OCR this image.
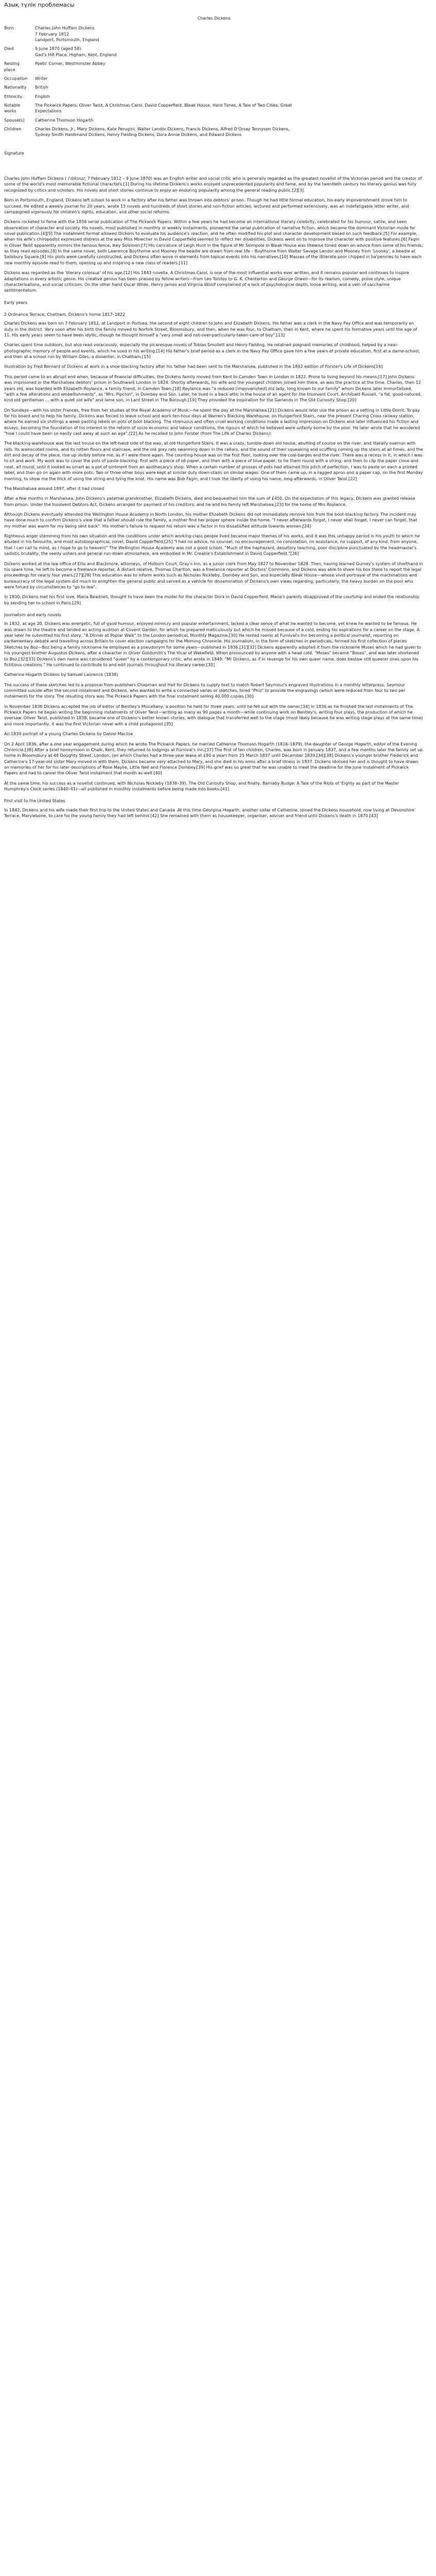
Азық түлік проблемасы
Charles Dickens
Born	Charles John Huffam Dickens
7 February 1812
Landport, Portsmouth, England

Died	9 June 1870 (aged 58)
Gad's Hill Place, Higham, Kent, England

Resting place	Poets' Corner, Westminster Abbey

Occupation	Writer

Nationality	British

Ethnicity	English

Notable works	The Pickwick Papers, Oliver Twist, A Christmas Carol, David Copperfield, Bleak House, Hard Times, A Tale of Two Cities, Great Expectations

Spouse(s)	Catherine Thomson Hogarth

Children	Charles Dickens, Jr., Mary Dickens, Kate Perugini, Walter Landor Dickens, Francis Dickens, Alfred D'Orsay Tennyson Dickens, Sydney Smith Haldimand Dickens, Henry Fielding Dickens, Dora Annie Dickens, and Edward Dickens
Signature

Charles John Huffam Dickens ( /ˈdɪkɪnz/; 7 February 1812 – 9 June 1870) was an English writer and social critic who is generally regarded as the greatest novelist of the Victorian period and the creator of some of the world's most memorable fictional characters.[1] During his lifetime Dickens's works enjoyed unprecedented popularity and fame, and by the twentieth century his literary genius was fully recognized by critics and scholars. His novels and short stories continue to enjoy an enduring popularity among the general reading public.[2][3]

Born in Portsmouth, England, Dickens left school to work in a factory after his father was thrown into debtors' prison. Though he had little formal education, his early impoverishment drove him to succeed. He edited a weekly journal for 20 years, wrote 15 novels and hundreds of short stories and non-fiction articles, lectured and performed extensively, was an indefatigable letter writer, and campaigned vigorously for children's rights, education, and other social reforms.

Dickens rocketed to fame with the 1836 serial publication of The Pickwick Papers. Within a few years he had become an international literary celebrity, celebrated for his humour, satire, and keen observation of character and society. His novels, most published in monthly or weekly instalments, pioneered the serial publication of narrative fiction, which became the dominant Victorian mode for novel publication.[4][5] The instalment format allowed Dickens to evaluate his audience's reaction, and he often modified his plot and character development based on such feedback.[5] For example, when his wife's chiropodist expressed distress at the way Miss Mowcher in David Copperfield seemed to reflect her disabilities, Dickens went on to improve the character with positive features.[6] Fagin in Oliver Twist apparently mirrors the famous fence, Ikey Solomon;[7] His caricature of Leigh Hunt in the figure of Mr Skimpole in Bleak House was likewise toned down on advice from some of his friends, as they read episodes.[8] In the same novel, both Lawrence Boythorne and Mooney the beadle are drawn from real life – Boythorne from Walter Savage Landor and Mooney from 'Looney', a beadle at Salisbury Square.[9] His plots were carefully constructed, and Dickens often wove in elements from topical events into his narratives.[10] Masses of the illiterate poor chipped in ha'pennies to have each new monthly episode read to them, opening up and inspiring a new class of readers.[11]

Dickens was regarded as the 'literary colossus' of his age.[12] His 1843 novella, A Christmas Carol, is one of the most influential works ever written, and it remains popular and continues to inspire adaptations in every artistic genre. His creative genius has been praised by fellow writers—from Leo Tolstoy to G. K. Chesterton and George Orwell—for its realism, comedy, prose style, unique characterisations, and social criticism. On the other hand Oscar Wilde, Henry James and Virginia Woolf complained of a lack of psychological depth, loose writing, and a vein of saccharine sentimentalism.

Early years
2 Ordnance Terrace, Chatham, Dickens's home 1817–1822

Charles Dickens was born on 7 February 1812, at Landport in Portsea, the second of eight children to John and Elizabeth Dickens. His father was a clerk in the Navy Pay Office and was temporarily on duty in the district. Very soon after his birth the family moved to Norfolk Street, Bloomsbury, and then, when he was four, to Chatham, then in Kent, where he spent his formative years until the age of 11. His early years seem to have been idyllic, though he thought himself a "very small and not-over-particularly-taken-care-of boy".[13]

Charles spent time outdoors, but also read voraciously, especially the picaresque novels of Tobias Smollett and Henry Fielding. He retained poignant memories of childhood, helped by a near-photographic memory of people and events, which he used in his writing.[14] His father's brief period as a clerk in the Navy Pay Office gave him a few years of private education, first at a dame-school, and then at a school run by William Giles, a dissenter, in Chatham.[15]

Illustration by Fred Bernard of Dickens at work in a shoe-blacking factory after his father had been sent to the Marshalsea, published in the 1892 edition of Forster's Life of Dickens[16]

This period came to an abrupt end when, because of financial difficulties, the Dickens family moved from Kent to Camden Town in London in 1822. Prone to living beyond his means,[17] John Dickens was imprisoned in the Marshalsea debtors' prison in Southwark London in 1824. Shortly afterwards, his wife and the youngest children joined him there, as was the practice at the time. Charles, then 12 years old, was boarded with Elizabeth Roylance, a family friend, in Camden Town.[18] Roylance was "a reduced [impoverished] old lady, long known to our family" whom Dickens later immortalised, "with a few alterations and embellishments", as "Mrs. Pipchin", in Dombey and Son. Later, he lived in a back-attic in the house of an agent for the Insolvent Court, Archibald Russell, "a fat, good-natured, kind old gentleman ... with a quiet old wife" and lame son, in Lant Street in The Borough.[19] They provided the inspiration for the Garlands in The Old Curiosity Shop.[20]

On Sundays—with his sister Frances, free from her studies at the Royal Academy of Music—he spent the day at the Marshalsea.[21] Dickens would later use the prison as a setting in Little Dorrit. To pay for his board and to help his family, Dickens was forced to leave school and work ten-hour days at Warren's Blacking Warehouse, on Hungerford Stairs, near the present Charing Cross railway station, where he earned six shillings a week pasting labels on pots of boot blacking. The strenuous and often cruel working conditions made a lasting impression on Dickens and later influenced his fiction and essays, becoming the foundation of his interest in the reform of socio-economic and labour conditions, the rigours of which he believed were unfairly borne by the poor. He later wrote that he wondered "how I could have been so easily cast away at such an age".[22] As he recalled to John Forster (from The Life of Charles Dickens):

The blacking-warehouse was the last house on the left-hand side of the way, at old Hungerford Stairs. It was a crazy, tumble-down old house, abutting of course on the river, and literally overrun with rats. Its wainscoted rooms, and its rotten floors and staircase, and the old grey rats swarming down in the cellars, and the sound of their squeaking and scuffling coming up the stairs at all times, and the dirt and decay of the place, rise up visibly before me, as if I were there again. The counting-house was on the first floor, looking over the coal-barges and the river. There was a recess in it, in which I was to sit and work. My work was to cover the pots of paste-blacking; first with a piece of oil-paper, and then with a piece of blue paper; to tie them round with a string; and then to clip the paper close and neat, all round, until it looked as smart as a pot of ointment from an apothecary's shop. When a certain number of grosses of pots had attained this pitch of perfection, I was to paste on each a printed label, and then go on again with more pots. Two or three other boys were kept at similar duty down-stairs on similar wages. One of them came up, in a ragged apron and a paper cap, on the first Monday morning, to show me the trick of using the string and tying the knot. His name was Bob Fagin; and I took the liberty of using his name, long afterwards, in Oliver Twist.[22]

The Marshalsea around 1897, after it had closed

After a few months in Marshalsea, John Dickens's paternal grandmother, Elizabeth Dickens, died and bequeathed him the sum of £450. On the expectation of this legacy, Dickens was granted release from prison. Under the Insolvent Debtors Act, Dickens arranged for payment of his creditors, and he and his family left Marshalsea,[23] for the home of Mrs Roylance.

Although Dickens eventually attended the Wellington House Academy in North London, his mother Elizabeth Dickens did not immediately remove him from the boot-blacking factory. The incident may have done much to confirm Dickens's view that a father should rule the family, a mother find her proper sphere inside the home. "I never afterwards forgot, I never shall forget, I never can forget, that my mother was warm for my being sent back". His mother's failure to request his return was a factor in his dissatisfied attitude towards women.[24]

Righteous anger stemming from his own situation and the conditions under which working-class people lived became major themes of his works, and it was this unhappy period in his youth to which he alluded in his favourite, and most autobiographical, novel, David Copperfield:[25] "I had no advice, no counsel, no encouragement, no consolation, no assistance, no support, of any kind, from anyone, that I can call to mind, as I hope to go to heaven!" The Wellington House Academy was not a good school. "Much of the haphazard, desultory teaching, poor discipline punctuated by the headmaster's sadistic brutality, the seedy ushers and general run-down atmosphere, are embodied in Mr. Creakle's Establishment in David Copperfield."[26]

Dickens worked at the law office of Ellis and Blackmore, attorneys, of Holborn Court, Gray's Inn, as a junior clerk from May 1827 to November 1828. Then, having learned Gurney's system of shorthand in his spare time, he left to become a freelance reporter. A distant relative, Thomas Charlton, was a freelance reporter at Doctors' Commons, and Dickens was able to share his box there to report the legal proceedings for nearly four years.[27][28] This education was to inform works such as Nicholas Nickleby, Dombey and Son, and especially Bleak House—whose vivid portrayal of the machinations and bureaucracy of the legal system did much to enlighten the general public and served as a vehicle for dissemination of Dickens's own views regarding, particularly, the heavy burden on the poor who were forced by circumstances to "go to law".

In 1830, Dickens met his first love, Maria Beadnell, thought to have been the model for the character Dora in David Copperfield. Maria's parents disapproved of the courtship and ended the relationship by sending her to school in Paris.[29]

Journalism and early novels

In 1832, at age 20, Dickens was energetic, full of good humour, enjoyed mimicry and popular entertainment, lacked a clear sense of what he wanted to become, yet knew he wanted to be famous. He was drawn to the theatre and landed an acting audition at Covent Garden, for which he prepared meticulously but which he missed because of a cold, ending his aspirations for a career on the stage. A year later he submitted his first story, "A Dinner at Poplar Walk" to the London periodical, Monthly Magazine.[30] He rented rooms at Furnival's Inn becoming a political journalist, reporting on parliamentary debate and travelling across Britain to cover election campaigns for the Morning Chronicle. His journalism, in the form of sketches in periodicals, formed his first collection of pieces Sketches by Boz—Boz being a family nickname he employed as a pseudonym for some years—published in 1836.[31][32] Dickens apparently adopted it from the nickname Moses which he had given to his youngest brother Augustus Dickens, after a character in Oliver Goldsmith's The Vicar of Wakefield. When pronounced by anyone with a head cold, "Moses" became "Boses", and was later shortened to Boz.[32][33] Dickens's own name was considered "queer" by a contemporary critic, who wrote in 1849: "Mr Dickens, as if in revenge for his own queer name, does bestow still queerer ones upon his fictitious creations." He continued to contribute to and edit journals throughout his literary career.[30]

Catherine Hogarth Dickens by Samuel Laurence (1838)

The success of these sketches led to a proposal from publishers Chapman and Hall for Dickens to supply text to match Robert Seymour's engraved illustrations in a monthly letterpress. Seymour committed suicide after the second instalment and Dickens, who wanted to write a connected series or sketches, hired "Phiz" to provide the engravings (which were reduced from four to two per instalment) for the story. The resulting story was The Pickwick Papers with the final instalment selling 40,000 copies.[30]

In November 1836 Dickens accepted the job of editor of Bentley's Miscellany, a position he held for three years, until he fell out with the owner.[34] In 1836 as he finished the last instalments of The Pickwick Papers he began writing the beginning instalments of Oliver Twist—writing as many as 90 pages a month—while continuing work on Bentley's, writing four plays, the production of which he oversaw. Oliver Twist, published in 1838, became one of Dickens's better known stories, with dialogue that transferred well to the stage (most likely because he was writing stage plays at the same time) and more importantly, it was the first Victorian novel with a child protagonist.[35]

An 1839 portrait of a young Charles Dickens by Daniel Maclise

On 2 April 1836, after a one year engagement during which he wrote The Pickwick Papers, he married Catherine Thomson Hogarth (1816–1879), the daughter of George Hogarth, editor of the Evening Chronicle.[36] After a brief honeymoon in Chalk, Kent, they returned to lodgings at Furnival's Inn.[37] The first of ten children, Charles, was born in January 1837, and a few months later the family set up home in Bloomsbury at 48 Doughty Street, London, (on which Charles had a three-year lease at £80 a year) from 25 March 1837 until December 1839.[34][38] Dickens's younger brother Frederick and Catherine's 17-year-old sister Mary moved in with them. Dickens became very attached to Mary, and she died in his arms after a brief illness in 1837. Dickens idolised her and is thought to have drawn on memories of her for his later descriptions of Rose Maylie, Little Nell and Florence Dombey.[39] His grief was so great that he was unable to meet the deadline for the June instalment of Pickwick Papers and had to cancel the Oliver Twist instalment that month as well.[40]

At the same time, his success as a novelist continued, with Nicholas Nickleby (1838–39), The Old Curiosity Shop, and finally, Barnaby Rudge: A Tale of the Riots of 'Eighty as part of the Master Humphrey's Clock series (1840–41)—all published in monthly instalments before being made into books.[41]

First visit to the United States

In 1842, Dickens and his wife made their first trip to the United States and Canada. At this time Georgina Hogarth, another sister of Catherine, joined the Dickens household, now living at Devonshire Terrace, Marylebone, to care for the young family they had left behind.[42] She remained with them as housekeeper, organiser, adviser and friend until Dickens's death in 1870.[43]
